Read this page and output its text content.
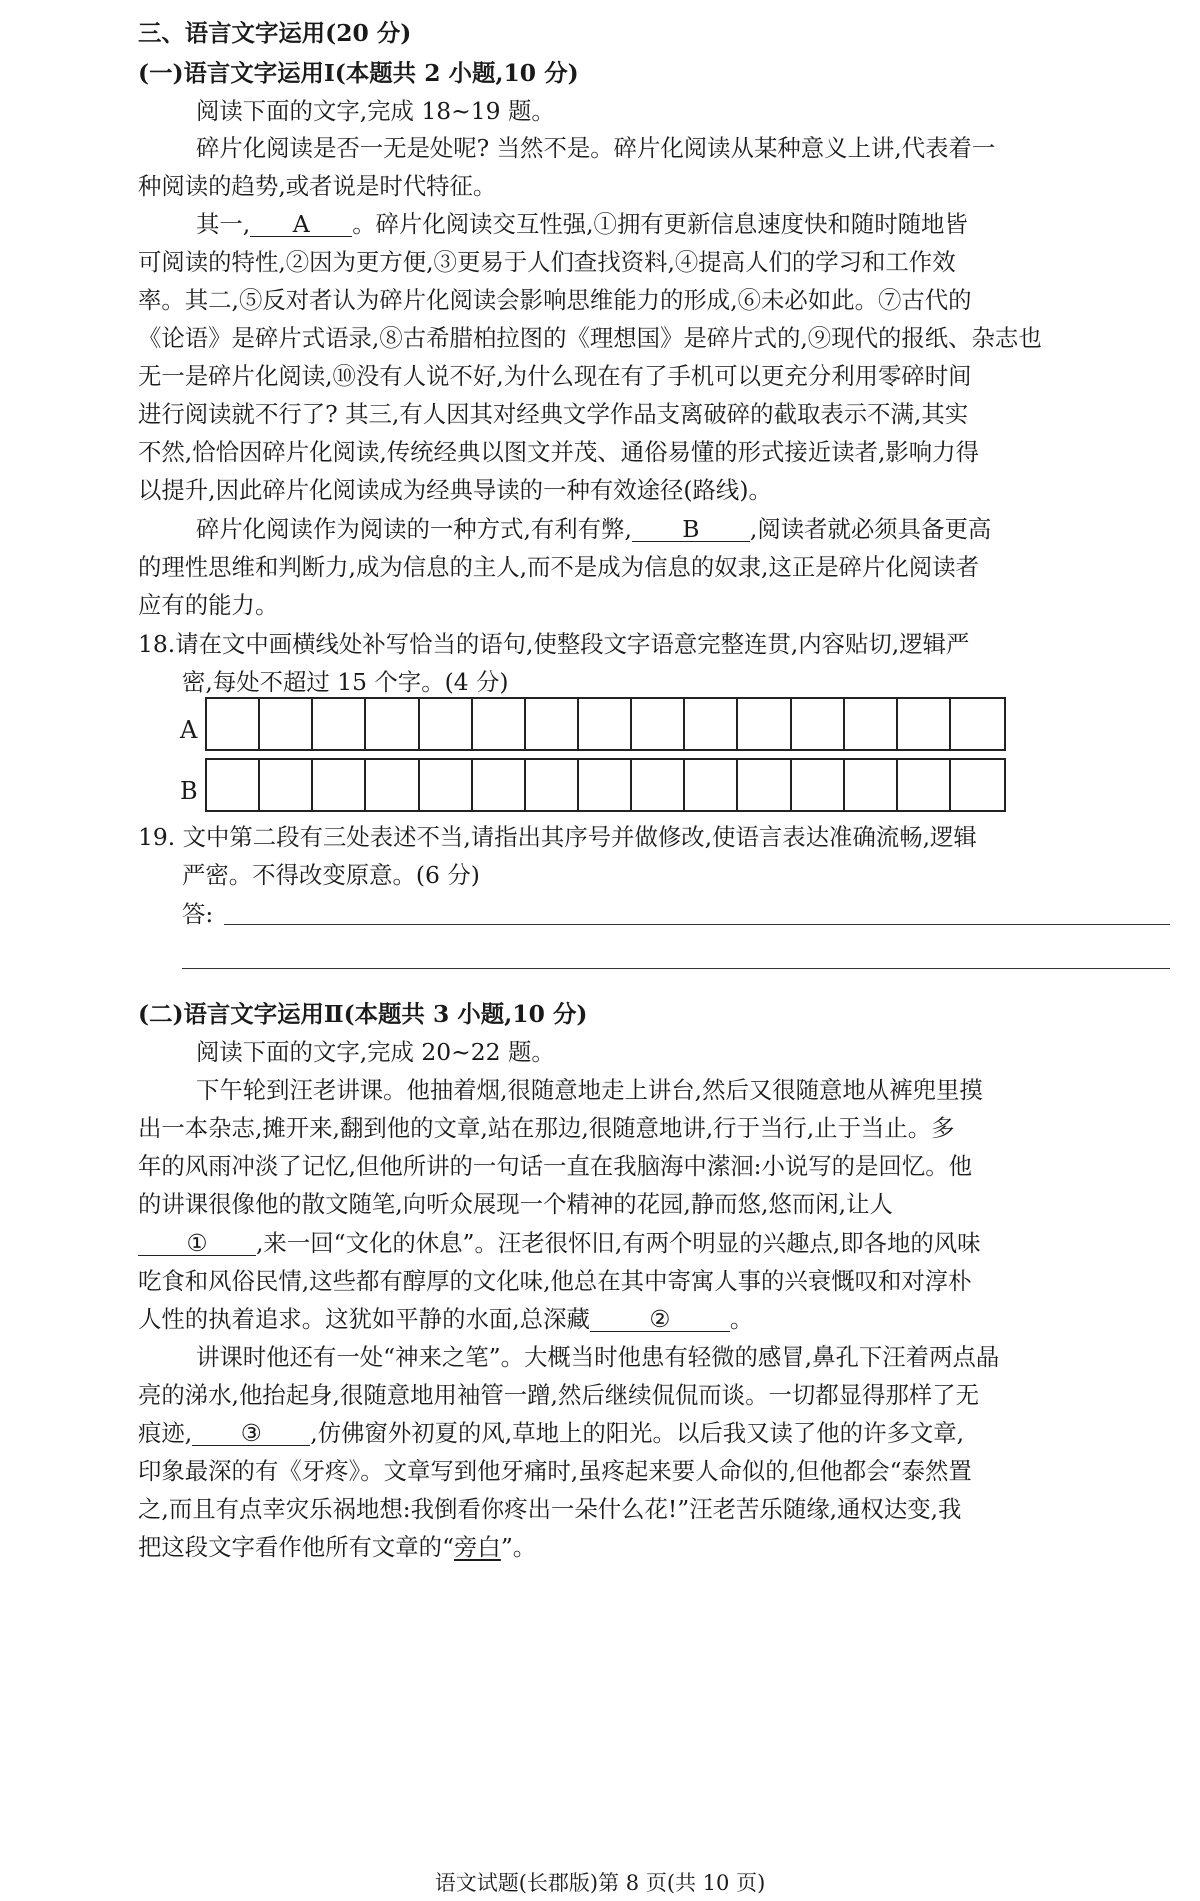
三、语言文字运用(20 分)
(一)语言文字运用Ⅰ(本题共 2 小题,10 分)
阅读下面的文字,完成 18~19 题。
碎片化阅读是否一无是处呢? 当然不是。碎片化阅读从某种意义上讲,代表着一
种阅读的趋势,或者说是时代特征。
其一, A 。碎片化阅读交互性强,①拥有更新信息速度快和随时随地皆
可阅读的特性,②因为更方便,③更易于人们查找资料,④提高人们的学习和工作效
率。其二,⑤反对者认为碎片化阅读会影响思维能力的形成,⑥未必如此。⑦古代的
《论语》是碎片式语录,⑧古希腊柏拉图的《理想国》是碎片式的,⑨现代的报纸、杂志也
无一是碎片化阅读,⑩没有人说不好,为什么现在有了手机可以更充分利用零碎时间
进行阅读就不行了? 其三,有人因其对经典文学作品支离破碎的截取表示不满,其实
不然,恰恰因碎片化阅读,传统经典以图文并茂、通俗易懂的形式接近读者,影响力得
以提升,因此碎片化阅读成为经典导读的一种有效途径(路线)。
碎片化阅读作为阅读的一种方式,有利有弊, B ,阅读者就必须具备更高
的理性思维和判断力,成为信息的主人,而不是成为信息的奴隶,这正是碎片化阅读者
应有的能力。
18.请在文中画横线处补写恰当的语句,使整段文字语意完整连贯,内容贴切,逻辑严
密,每处不超过 15 个字。(4 分)
A
B
19. 文中第二段有三处表述不当,请指出其序号并做修改,使语言表达准确流畅,逻辑
严密。不得改变原意。(6 分)
答:
(二)语言文字运用Ⅱ(本题共 3 小题,10 分)
阅读下面的文字,完成 20~22 题。
下午轮到汪老讲课。他抽着烟,很随意地走上讲台,然后又很随意地从裤兜里摸
出一本杂志,摊开来,翻到他的文章,站在那边,很随意地讲,行于当行,止于当止。多
年的风雨冲淡了记忆,但他所讲的一句话一直在我脑海中潆洄:小说写的是回忆。他
的讲课很像他的散文随笔,向听众展现一个精神的花园,静而悠,悠而闲,让人
① ,来一回“文化的休息”。汪老很怀旧,有两个明显的兴趣点,即各地的风味
吃食和风俗民情,这些都有醇厚的文化味,他总在其中寄寓人事的兴衰慨叹和对淳朴
人性的执着追求。这犹如平静的水面,总深藏	②	。
讲课时他还有一处“神来之笔”。大概当时他患有轻微的感冒,鼻孔下汪着两点晶
亮的涕水,他抬起身,很随意地用袖管一蹭,然后继续侃侃而谈。一切都显得那样了无
痕迹, ③ ,仿佛窗外初夏的风,草地上的阳光。以后我又读了他的许多文章,
印象最深的有《牙疼》。文章写到他牙痛时,虽疼起来要人命似的,但他都会“泰然置
之,而且有点幸灾乐祸地想:我倒看你疼出一朵什么花!”汪老苦乐随缘,通权达变,我
把这段文字看作他所有文章的“旁白”。
语文试题(长郡版)第 8 页(共 10 页)
